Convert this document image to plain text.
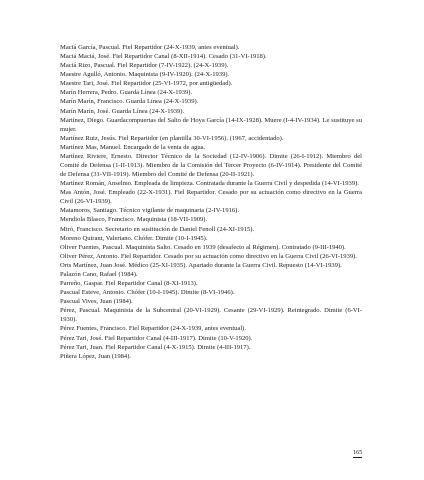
Maciá García, Pascual. Fiel Repartidor (24-X-1939, antes eventual).
Maciá Maciá, José. Fiel Repartidor Canal (8-XII-1914). Cesado (31-VI-1918).
Maciá Rizo, Pascual. Fiel Repartidor (7-IV-1922). (24-X-1939).
Maestre Agulló, Antonio. Maquinista (9-IV-1920). (24-X-1939).
Maestre Tari, José. Fiel Repartidor (25-VI-1972, por antigüedad).
Marín Herrera, Pedro. Guarda Línea (24-X-1939).
Marín Marín, Francisco. Guarda Línea (24-X-1939).
Marín Marín, José. Guarda Línea (24-X-1939).
Martínez, Diego. Guardacompuertas del Salto de Hoya García (14-IX-1928). Muere (I-4-IV-1934). Le sustituye su mujer.
Martínez Ruiz, Jesús. Fiel Repartidor (en plantilla 30-VI-1956). (1967, accidentado).
Martínez Mas, Manuel. Encargado de la venta de agua.
Martínez Riviere, Ernesto. Director Técnico de la Sociedad (12-IV-1906). Dimite (26-I-1912). Miembro del Comité de Defensa (1-II-1913). Miembro de la Comisión del Tercer Proyecto (6-IV-1914). Presidente del Comité de Defensa (31-VII-1919). Miembro del Comité de Defensa (20-II-1921).
Martínez Román, Anselmo. Empleada de limpieza. Contratada durante la Guerra Civil y despedida (14-VI-1939).
Mas Antón, José. Empleado (22-X-1931). Fiel Repartidor. Cesado por su actuación como directivo en la Guerra Civil (26-VI-1939).
Matamoros, Santiago. Técnico vigilante de maquinaria (2-IV-1916).
Mendiola Blasco, Francisco. Maquinista (18-VII-1909).
Miró, Francisco. Secretario en sustitución de Daniel Fenoll (24-XI-1915).
Moreno Quirant, Valeriano. Chófer. Dimite (10-I-1945).
Oliver Fuentes, Pascual. Maquinista Salto. Cesado en 1939 (desafecto al Régimen). Contratado (9-III-1940).
Oliver Pérez, Antonio. Fiel Repartidor. Cesado por su actuación como directivo en la Guerra Civil (26-VI-1939).
Orts Martínez, Juan José. Médico (25-XI-1935). Apartado durante la Guerra Civil. Repuesto (14-VI-1939).
Palazón Cano, Rafael (1984).
Parreño, Gaspar. Fiel Repartidor Canal (8-XI-1913).
Pascual Esteve, Antonio. Chófer (10-I-1945). Dimite (8-VI-1946).
Pascual Vives, Juan (1984).
Pérez, Pascual. Maquinista de la Subcentral (20-VI-1929). Cesante (29-VI-1929). Reintegrado. Dimite (6-VI-1930).
Pérez Fuentes, Francisco. Fiel Repartidor (24-X-1939, antes eventual).
Pérez Tari, José. Fiel Repartidor Canal (4-III-1917). Dimite (10-V-1920).
Pérez Tari, Juan. Fiel Repartidor Canal (4-X-1915). Dimite (4-III-1917).
Piñera López, Juan (1984).
165
